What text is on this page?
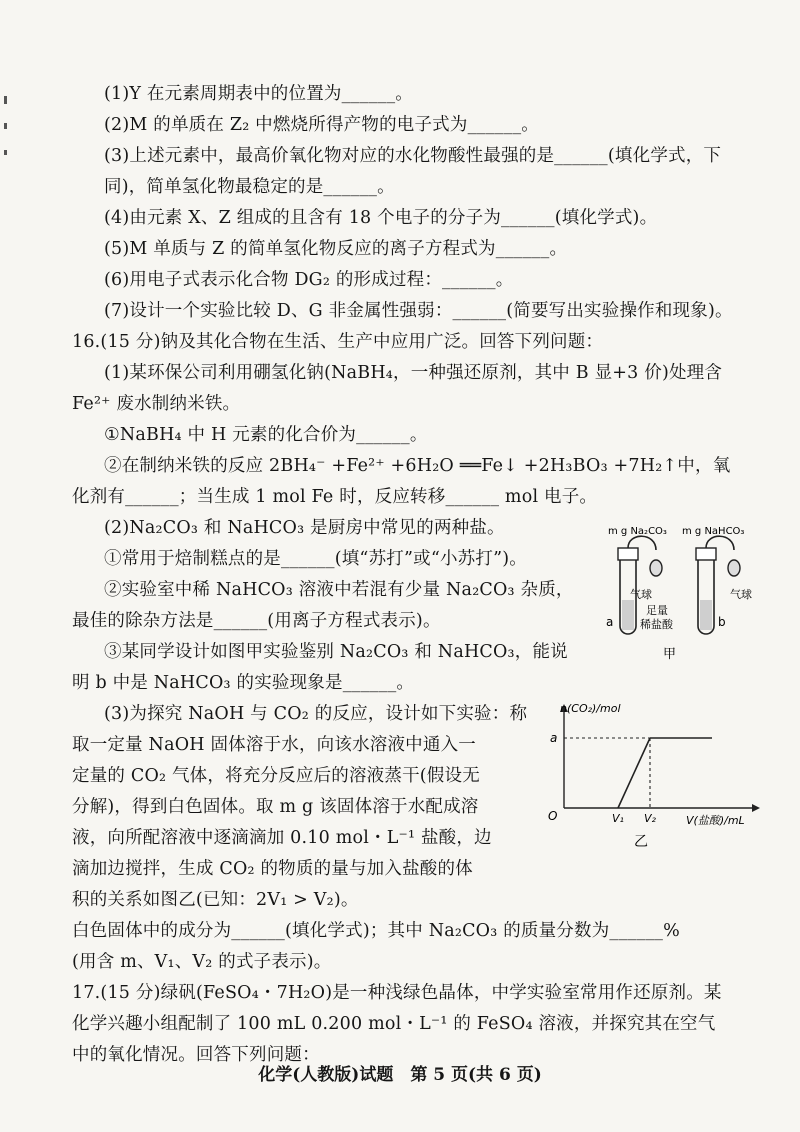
(1)Y 在元素周期表中的位置为______。
(2)M 的单质在 Z₂ 中燃烧所得产物的电子式为______。
(3)上述元素中，最高价氧化物对应的水化物酸性最强的是______(填化学式，下
同)，简单氢化物最稳定的是______。
(4)由元素 X、Z 组成的且含有 18 个电子的分子为______(填化学式)。
(5)M 单质与 Z 的简单氢化物反应的离子方程式为______。
(6)用电子式表示化合物 DG₂ 的形成过程：______。
(7)设计一个实验比较 D、G 非金属性强弱：______(简要写出实验操作和现象)。
16.(15 分)钠及其化合物在生活、生产中应用广泛。回答下列问题：
(1)某环保公司利用硼氢化钠(NaBH₄，一种强还原剂，其中 B 显+3 价)处理含
Fe²⁺ 废水制纳米铁。
①NaBH₄ 中 H 元素的化合价为______。
②在制纳米铁的反应 2BH₄⁻ +Fe²⁺ +6H₂O ══Fe↓ +2H₃BO₃ +7H₂↑中，氧
化剂有______；当生成 1 mol Fe 时，反应转移______ mol 电子。
(2)Na₂CO₃ 和 NaHCO₃ 是厨房中常见的两种盐。
①常用于焙制糕点的是______(填“苏打”或“小苏打”)。
②实验室中稀 NaHCO₃ 溶液中若混有少量 Na₂CO₃ 杂质，
最佳的除杂方法是______(用离子方程式表示)。
③某同学设计如图甲实验鉴别 Na₂CO₃ 和 NaHCO₃，能说
明 b 中是 NaHCO₃ 的实验现象是______。
(3)为探究 NaOH 与 CO₂ 的反应，设计如下实验：称
取一定量 NaOH 固体溶于水，向该水溶液中通入一
定量的 CO₂ 气体，将充分反应后的溶液蒸干(假设无
分解)，得到白色固体。取 m g 该固体溶于水配成溶
液，向所配溶液中逐滴滴加 0.10 mol・L⁻¹ 盐酸，边
滴加边搅拌，生成 CO₂ 的物质的量与加入盐酸的体
积的关系如图乙(已知：2V₁ > V₂)。
白色固体中的成分为______(填化学式)；其中 Na₂CO₃ 的质量分数为______%
(用含 m、V₁、V₂ 的式子表示)。
17.(15 分)绿矾(FeSO₄・7H₂O)是一种浅绿色晶体，中学实验室常用作还原剂。某
化学兴趣小组配制了 100 mL 0.200 mol・L⁻¹ 的 FeSO₄ 溶液，并探究其在空气
中的氧化情况。回答下列问题：
m g Na₂CO₃ m g NaHCO₃
气球	气球
足量
稀盐酸
a	b
甲
n(CO₂)/mol
V(盐酸)/mL
O
a
V₁ V₂
乙
化学(人教版)试题　第 5 页(共 6 页)
